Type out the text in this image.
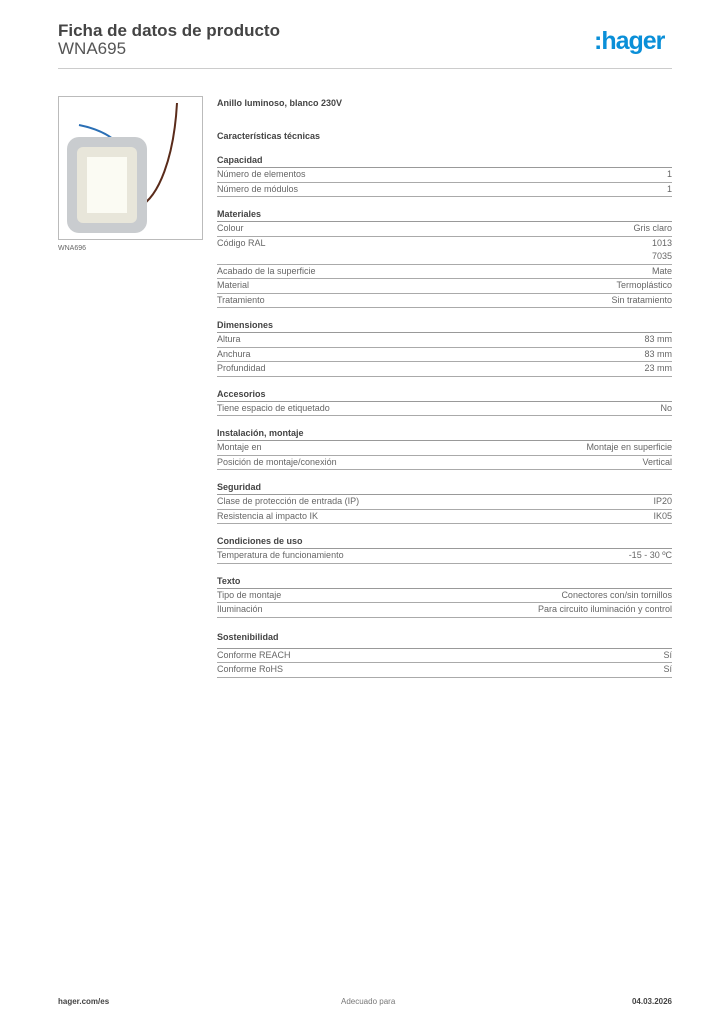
Ficha de datos de producto
WNA695	:hager
WNA696
Anillo luminoso, blanco 230V
Características técnicas
Capacidad
Número de elementos	1
Número de módulos	1
Materiales
Colour	Gris claro
Código RAL	1013
7035
Acabado de la superficie	Mate
Material	Termoplástico
Tratamiento	Sin tratamiento
Dimensiones
Altura	83 mm
Anchura	83 mm
Profundidad	23 mm
Accesorios
Tiene espacio de etiquetado	No
Instalación, montaje
Montaje en	Montaje en superficie
Posición de montaje/conexión	Vertical
Seguridad
Clase de protección de entrada (IP)	IP20
Resistencia al impacto IK	IK05
Condiciones de uso
Temperatura de funcionamiento	-15 - 30 ºC
Texto
Tipo de montaje	Conectores con/sin tornillos
Iluminación	Para circuito iluminación y control
Sostenibilidad
Conforme REACH	Sí
Conforme RoHS	Sí
hager.com/es	Adecuado para	04.03.2026
